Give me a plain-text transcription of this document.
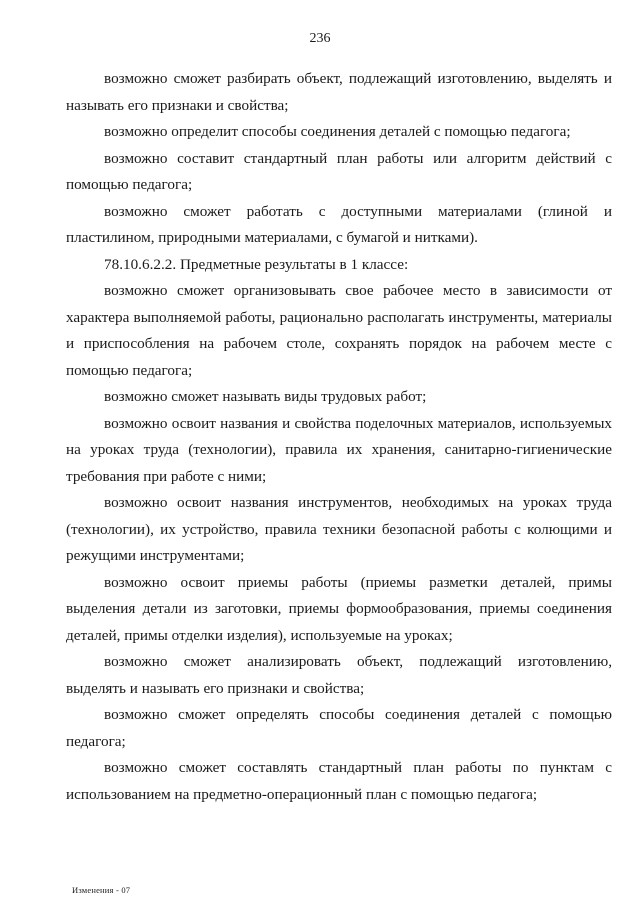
236

возможно сможет разбирать объект, подлежащий изготовлению, выделять и называть его признаки и свойства;

возможно определит способы соединения деталей с помощью педагога;

возможно составит стандартный план работы или алгоритм действий с помощью педагога;

возможно сможет работать с доступными материалами (глиной и пластилином, природными материалами, с бумагой и нитками).

78.10.6.2.2. Предметные результаты в 1 классе:

возможно сможет организовывать свое рабочее место в зависимости от характера выполняемой работы, рационально располагать инструменты, материалы и приспособления на рабочем столе, сохранять порядок на рабочем месте с помощью педагога;

возможно сможет называть виды трудовых работ;

возможно освоит названия и свойства поделочных материалов, используемых на уроках труда (технологии), правила их хранения, санитарно-гигиенические требования при работе с ними;

возможно освоит названия инструментов, необходимых на уроках труда (технологии), их устройство, правила техники безопасной работы с колющими и режущими инструментами;

возможно освоит приемы работы (приемы разметки деталей, примы выделения детали из заготовки, приемы формообразования, приемы соединения деталей, примы отделки изделия), используемые на уроках;

возможно сможет анализировать объект, подлежащий изготовлению, выделять и называть его признаки и свойства;

возможно сможет определять способы соединения деталей с помощью педагога;

возможно сможет составлять стандартный план работы по пунктам с использованием на предметно-операционный план с помощью педагога;

Изменения - 07
